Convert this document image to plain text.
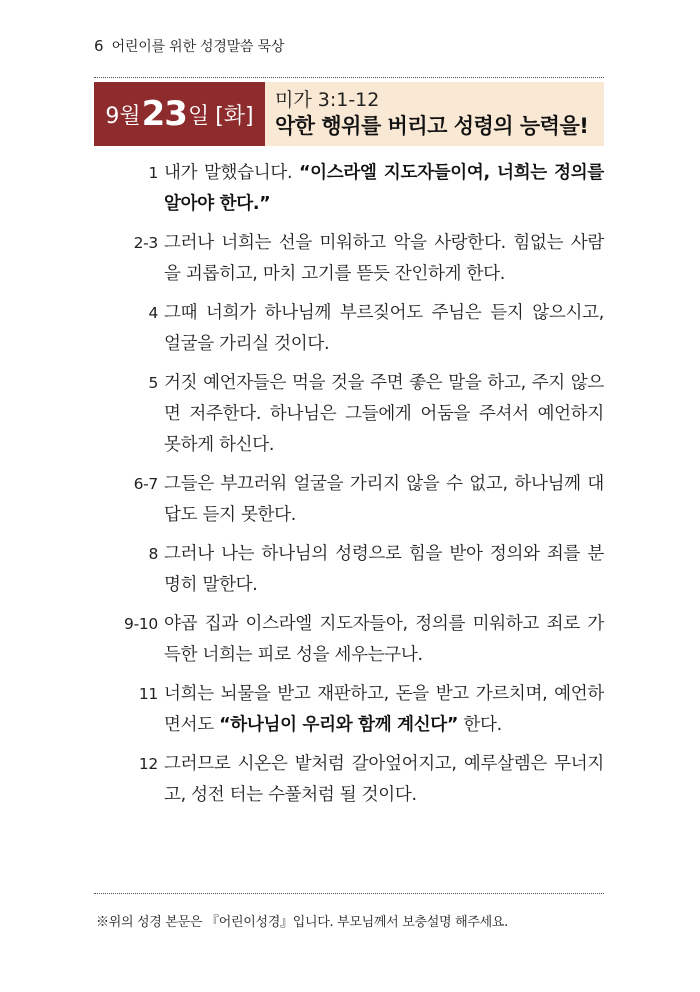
6 어린이를 위한 성경말씀 묵상
9월 23 일 [화]
미가 3:1-12
악한 행위를 버리고 성령의 능력을!
1 내가 말했습니다. “이스라엘 지도자들이여, 너희는 정의를 알아야 한다.”
2-3 그러나 너희는 선을 미워하고 악을 사랑한다. 힘없는 사람을 괴롭히고, 마치 고기를 뜯듯 잔인하게 한다.
4 그때 너희가 하나님께 부르짖어도 주님은 듣지 않으시고, 얼굴을 가리실 것이다.
5 거짓 예언자들은 먹을 것을 주면 좋은 말을 하고, 주지 않으면 저주한다. 하나님은 그들에게 어둠을 주셔서 예언하지 못하게 하신다.
6-7 그들은 부끄러워 얼굴을 가리지 않을 수 없고, 하나님께 대답도 듣지 못한다.
8 그러나 나는 하나님의 성령으로 힘을 받아 정의와 죄를 분명히 말한다.
9-10 야곱 집과 이스라엘 지도자들아, 정의를 미워하고 죄로 가득한 너희는 피로 성을 세우는구나.
11 너희는 뇌물을 받고 재판하고, 돈을 받고 가르치며, 예언하면서도 “하나님이 우리와 함께 계신다” 한다.
12 그러므로 시온은 밭처럼 갈아엎어지고, 예루살렘은 무너지고, 성전 터는 수풀처럼 될 것이다.
※위의 성경 본문은 『어린이성경』입니다. 부모님께서 보충설명 해주세요.
